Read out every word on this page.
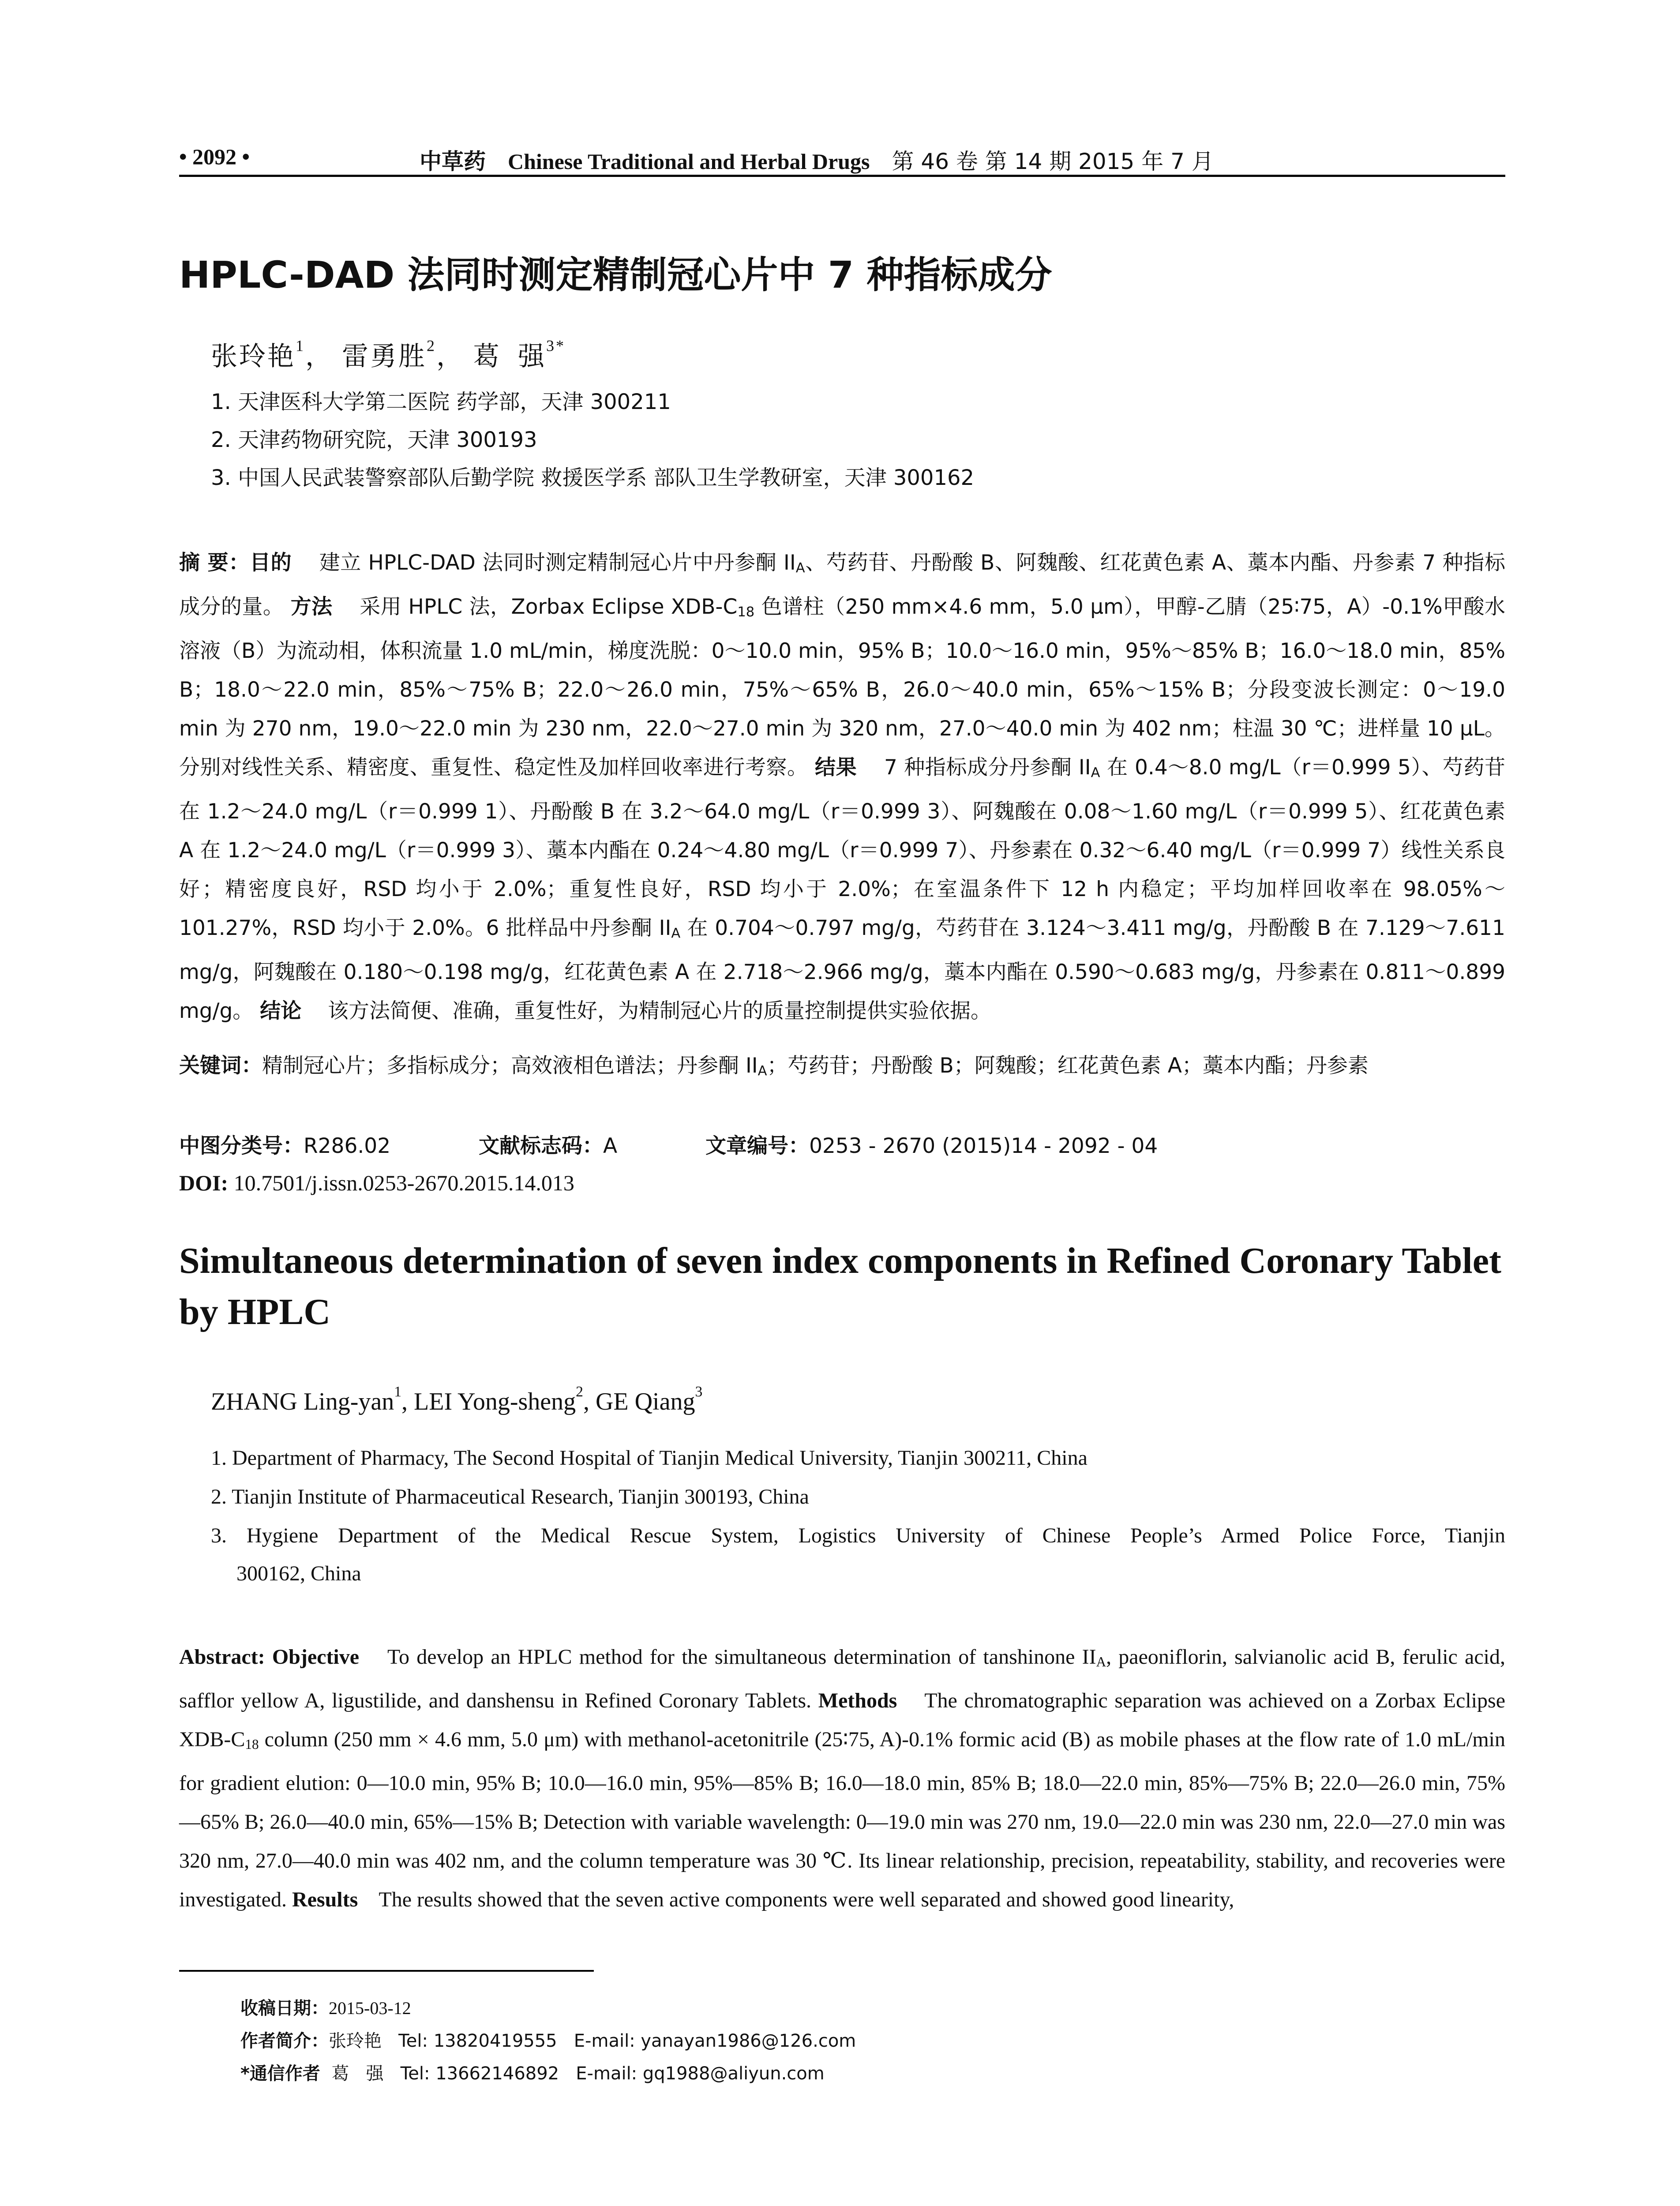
• 2092 •	中草药 Chinese Traditional and Herbal Drugs 第 46 卷 第 14 期 2015 年 7 月
HPLC-DAD 法同时测定精制冠心片中 7 种指标成分
张玲艳$^1$， 雷勇胜$^2$， 葛  强$^{3*}$
1. 天津医科大学第二医院 药学部，天津 300211
2. 天津药物研究院，天津 300193
3. 中国人民武装警察部队后勤学院 救援医学系 部队卫生学教研室，天津 300162
摘 要：目的 建立 HPLC-DAD 法同时测定精制冠心片中丹参酮 $II_A$、芍药苷、丹酚酸 B、阿魏酸、红花黄色素 A、藁本内酯、丹参素 7 种指标成分的量。 方法 采用 HPLC 法，Zorbax Eclipse XDB-$C_{18}$ 色谱柱（250 mm×4.6 mm，5.0 μm），甲醇-乙腈（25∶75，A）-0.1%甲酸水溶液（B）为流动相，体积流量 1.0 mL/min，梯度洗脱：0～10.0 min，95% B；10.0～16.0 min，95%～85% B；16.0～18.0 min，85% B；18.0～22.0 min，85%～75% B；22.0～26.0 min，75%～65% B，26.0～40.0 min，65%～15% B；分段变波长测定：0～19.0 min 为 270 nm，19.0～22.0 min 为 230 nm，22.0～27.0 min 为 320 nm，27.0～40.0 min 为 402 nm；柱温 30 ℃；进样量 10 μL。分别对线性关系、精密度、重复性、稳定性及加样回收率进行考察。 结果 7 种指标成分丹参酮 $II_A$ 在 0.4～8.0 mg/L（r＝0.999 5）、芍药苷在 1.2～24.0 mg/L（r＝0.999 1）、丹酚酸 B 在 3.2～64.0 mg/L（r＝0.999 3）、阿魏酸在 0.08～1.60 mg/L（r＝0.999 5）、红花黄色素 A 在 1.2～24.0 mg/L（r＝0.999 3）、藁本内酯在 0.24～4.80 mg/L（r＝0.999 7）、丹参素在 0.32～6.40 mg/L（r＝0.999 7）线性关系良好；精密度良好，RSD 均小于 2.0%；重复性良好，RSD 均小于 2.0%；在室温条件下 12 h 内稳定；平均加样回收率在 98.05%～101.27%，RSD 均小于 2.0%。6 批样品中丹参酮 $II_A$ 在 0.704～0.797 mg/g，芍药苷在 3.124～3.411 mg/g，丹酚酸 B 在 7.129～7.611 mg/g，阿魏酸在 0.180～0.198 mg/g，红花黄色素 A 在 2.718～2.966 mg/g，藁本内酯在 0.590～0.683 mg/g，丹参素在 0.811～0.899 mg/g。 结论 该方法简便、准确，重复性好，为精制冠心片的质量控制提供实验依据。
关键词：精制冠心片；多指标成分；高效液相色谱法；丹参酮 $II_A$；芍药苷；丹酚酸 B；阿魏酸；红花黄色素 A；藁本内酯；丹参素
中图分类号：R286.02	文献标志码：A	文章编号：0253 - 2670 (2015)14 - 2092 - 04
DOI: 10.7501/j.issn.0253-2670.2015.14.013
Simultaneous determination of seven index components in Refined Coronary Tablet by HPLC
ZHANG Ling-yan$^1$, LEI Yong-sheng$^2$, GE Qiang$^3$
1. Department of Pharmacy, The Second Hospital of Tianjin Medical University, Tianjin 300211, China
2. Tianjin Institute of Pharmaceutical Research, Tianjin 300193, China
3. Hygiene Department of the Medical Rescue System, Logistics University of Chinese People’s Armed Police Force, Tianjin
300162, China
Abstract: Objective To develop an HPLC method for the simultaneous determination of tanshinone $II_A$, paeoniflorin, salvianolic acid B, ferulic acid, safflor yellow A, ligustilide, and danshensu in Refined Coronary Tablets. Methods The chromatographic separation was achieved on a Zorbax Eclipse XDB-$C_{18}$ column (250 mm × 4.6 mm, 5.0 μm) with methanol-acetonitrile (25∶75, A)-0.1% formic acid (B) as mobile phases at the flow rate of 1.0 mL/min for gradient elution: 0—10.0 min, 95% B; 10.0—16.0 min, 95%—85% B; 16.0—18.0 min, 85% B; 18.0—22.0 min, 85%—75% B; 22.0—26.0 min, 75%—65% B; 26.0—40.0 min, 65%—15% B; Detection with variable wavelength: 0—19.0 min was 270 nm, 19.0—22.0 min was 230 nm, 22.0—27.0 min was 320 nm, 27.0—40.0 min was 402 nm, and the column temperature was 30 ℃. Its linear relationship, precision, repeatability, stability, and recoveries were investigated. Results The results showed that the seven active components were well separated and showed good linearity,
收稿日期：2015-03-12
作者简介：张玲艳   Tel: 13820419555   E-mail: yanayan1986@126.com
*通信作者  葛   强   Tel: 13662146892   E-mail: gq1988@aliyun.com
